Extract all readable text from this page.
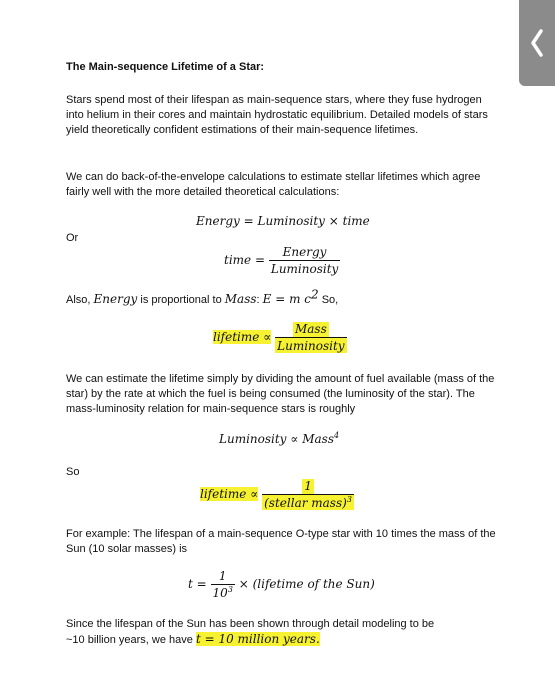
The Main-sequence Lifetime of a Star:
Stars spend most of their lifespan as main-sequence stars, where they fuse hydrogen into helium in their cores and maintain hydrostatic equilibrium. Detailed models of stars yield theoretically confident estimations of their main-sequence lifetimes.
We can do back-of-the-envelope calculations to estimate stellar lifetimes which agree fairly well with the more detailed theoretical calculations:
Energy = Luminosity × time
Or
time = $\frac{\text{Energy}}{\text{Luminosity}}$
Also, Energy is proportional to Mass: E = m $c^2$ So,
lifetime ∝ $\frac{\text{Mass}}{\text{Luminosity}}$
We can estimate the lifetime simply by dividing the amount of fuel available (mass of the star) by the rate at which the fuel is being consumed (the luminosity of the star). The mass-luminosity relation for main-sequence stars is roughly
Luminosity ∝ Mass$^4$
So
lifetime ∝ $\frac{1}{(stellar mass)^3}$
For example: The lifespan of a main-sequence O-type star with 10 times the mass of the Sun (10 solar masses) is
$t = \frac{1}{10^3}$ × (lifetime of the Sun)
Since the lifespan of the Sun has been shown through detail modeling to be
~10 billion years, we have t = 10 million years.
